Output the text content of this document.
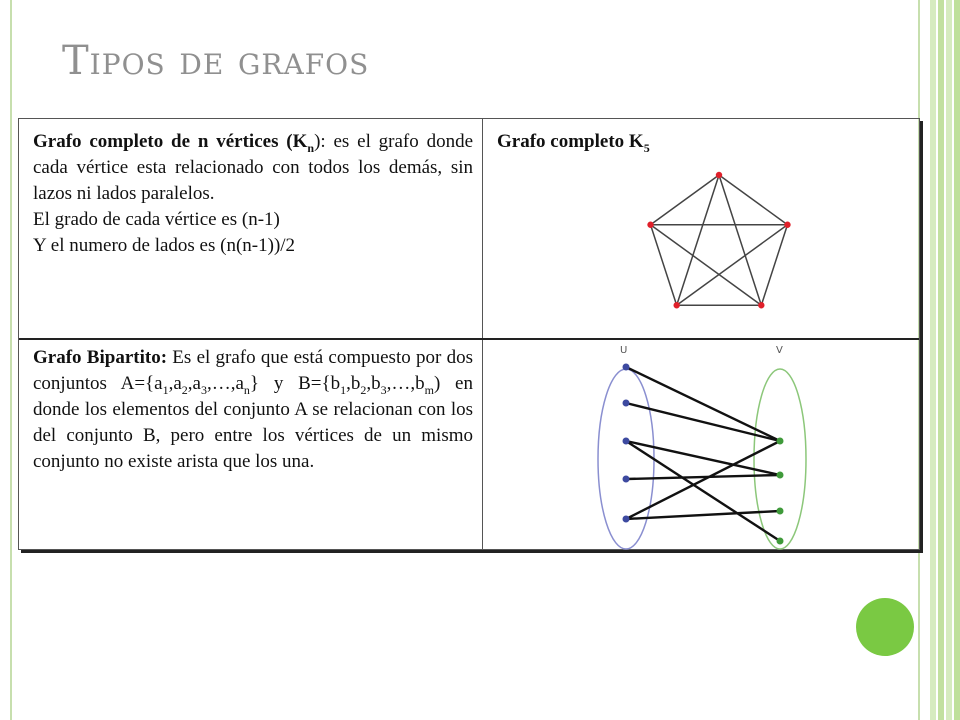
Tipos de grafos

Grafo completo de n vértices $(K_n)$: es el grafo donde cada vértice esta relacionado con todos los demás, sin lazos ni lados paralelos.

El grado de cada vértice es (n-1)

Y el numero de lados es (n(n-1))/2

Grafo completo $K_5$

Grafo Bipartito: Es el grafo que está compuesto por dos conjuntos $A=\{a_1,a_2,a_3,\dots,a_n\}$ y $B=\{b_1,b_2,b_3,\dots,b_m)$ en donde los elementos del conjunto A se relacionan con los del conjunto B, pero entre los vértices de un mismo conjunto no existe arista que los una.

U	V
